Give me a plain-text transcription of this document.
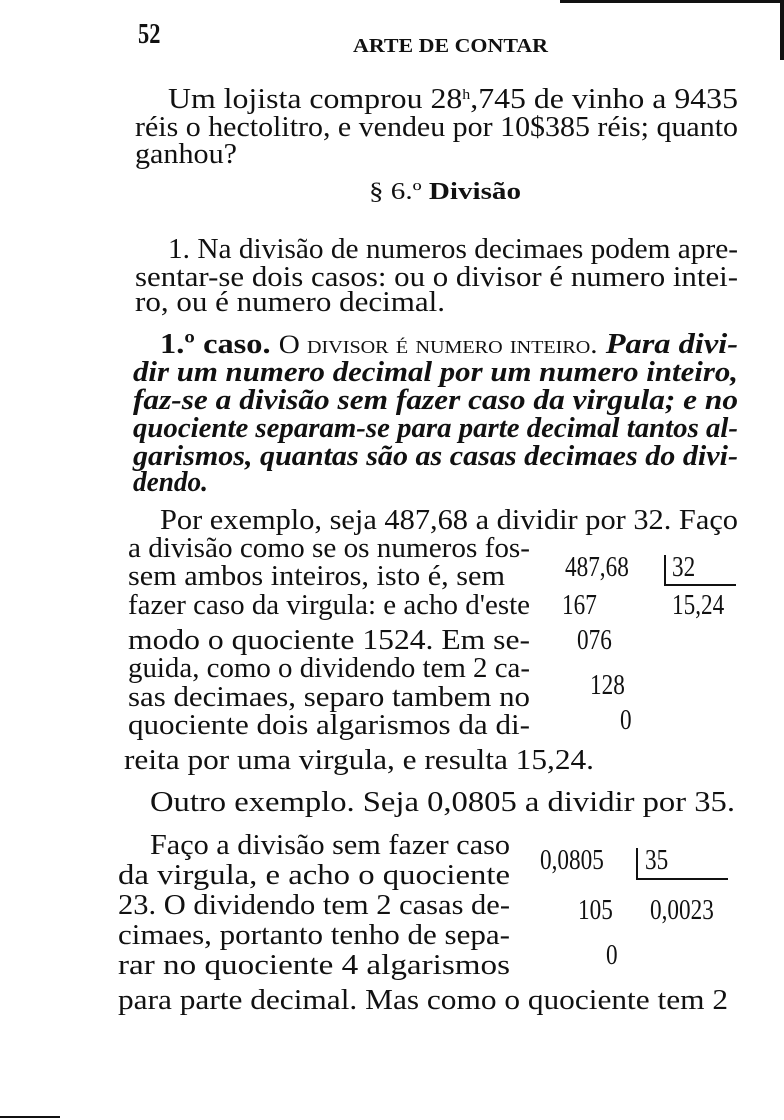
52	ARTE DE CONTAR
Um lojista comprou 28$^h$,745 de vinho a 9435
réis o hectolitro, e vendeu por 10$385 réis; quanto
ganhou?
§ 6.º Divisão
1. Na divisão de numeros decimaes podem apre-
sentar-se dois casos: ou o divisor é numero intei-
ro, ou é numero decimal.
1.º caso. O divisor é numero inteiro. Para divi-
dir um numero decimal por um numero inteiro,
faz-se a divisão sem fazer caso da virgula; e no
quociente separam-se para parte decimal tantos al-
garismos, quantas são as casas decimaes do divi-
dendo.
Por exemplo, seja 487,68 a dividir por 32. Faço
a divisão como se os numeros fos-
sem ambos inteiros, isto é, sem
fazer caso da virgula: e acho d'este
modo o quociente 1524. Em se-
guida, como o dividendo tem 2 ca-
sas decimaes, separo tambem no
quociente dois algarismos da di-
reita por uma virgula, e resulta 15,24.
487,68 32
167	15,24
076
128
0
Outro exemplo. Seja 0,0805 a dividir por 35.
Faço a divisão sem fazer caso
da virgula, e acho o quociente
23. O dividendo tem 2 casas de-
cimaes, portanto tenho de sepa-
rar no quociente 4 algarismos
para parte decimal. Mas como o quociente tem 2
0,0805 35
105 0,0023
0
